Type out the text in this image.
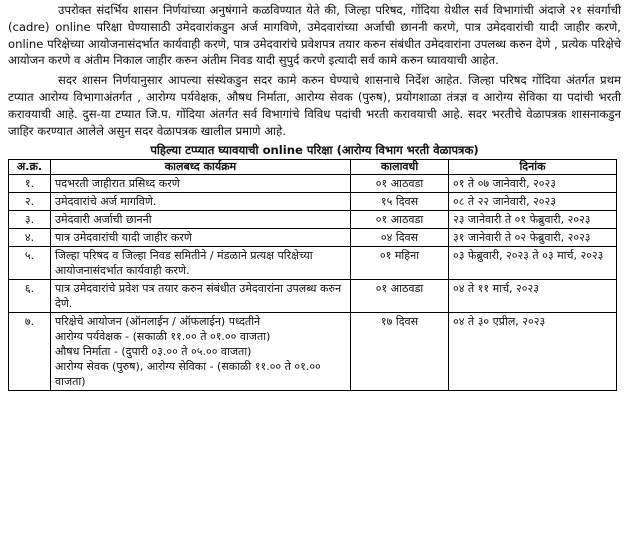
उपरोक्त संदर्भिय शासन निर्णयांच्या अनुषंगाने कळविण्यात येते की, जिल्हा परिषद, गोंदिया येथील सर्व विभागांची अंदाजे २१ संवर्गाची (cadre) online परिक्षा घेण्यासाठी उमेदवारांकडुन अर्ज मागविणे, उमेदवारांच्या अर्जाची छाननी करणे, पात्र उमेदवारांची यादी जाहीर करणे, online परिक्षेच्या आयोजनासंदर्भात कार्यवाही करणे, पात्र उमेदवारांचे प्रवेशपत्र तयार करुन संबंधीत उमेदवारांना उपलब्ध करुन देणे , प्रत्येक परिक्षेचे आयोजन करणे व अंतीम निकाल जाहीर करुन अंतीम निवड यादी सुपुर्द करणे इत्यादी सर्व कामे करुन घ्यावयाची आहेत.

सदर शासन निर्णयानुसार आपल्या संस्थेकडुन सदर कामे करुन घेण्याचे शासनाचे निर्देश आहेत. जिल्हा परिषद गोंदिया अंतर्गत प्रथम टप्यात आरोग्य विभागाअंतर्गत , आरोग्य पर्यवेक्षक, औषध निर्माता, आरोग्य सेवक (पुरुष), प्रयोगशाळा तंत्रज्ञ व आरोग्य सेविका या पदांची भरती करावयाची आहे. दुस-या टप्यात जि.प. गोंदिया अंतर्गत सर्व विभागांचे विविध पदांची भरती करावयाची आहे. सदर भरतीचे वेळापत्रक शासनाकडुन जाहिर करण्यात आलेले असुन सदर वेळापत्रक खालील प्रमाणे आहे.

पहिल्या टप्प्यात घ्यावयाची online परिक्षा (आरोग्य विभाग भरती वेळापत्रक)
अ.क्र.	कालबध्द कार्यक्रम	कालावधी	दिनांक
१.	पदभरती जाहीरात प्रसिध्द करणे	०१ आठवडा	०१ ते ०७ जानेवारी, २०२३
२.	उमेदवारांचे अर्ज मागविणे.	१५ दिवस	०८ ते २२ जानेवारी, २०२३
३.	उमेदवारी अर्जाची छाननी	०१ आठवडा	२३ जानेवारी ते ०१ फेब्रुवारी, २०२३
४.	पात्र उमेदवारांची यादी जाहीर करणे	०४ दिवस	३१ जानेवारी ते ०२ फेब्रुवारी, २०२३
५.	जिल्हा परिषद व जिल्हा निवड समितीने / मंडळाने प्रत्यक्ष परिक्षेच्या आयोजनासंदर्भात कार्यवाही करणे.	०१ महिना	०३ फेब्रुवारी, २०२३ ते ०३ मार्च, २०२३
६.	पात्र उमेदवारांचे प्रवेश पत्र तयार करुन संबंधीत उमेदवारांना उपलब्ध करुन देणे.	०१ आठवडा	०४ ते ११ मार्च, २०२३
७.	परिक्षेचे आयोजन (ऑनलाईन / ऑफलाईन) पध्दतीने
आरोग्य पर्यवेक्षक - (सकाळी ११.०० ते ०१.०० वाजता)
औषध निर्माता - (दुपारी ०३.०० ते ०५.०० वाजता)
आरोग्य सेवक (पुरुष), आरोग्य सेविका - (सकाळी ११.०० ते ०१.०० वाजता)	१७ दिवस	०४ ते ३० एप्रील, २०२३
